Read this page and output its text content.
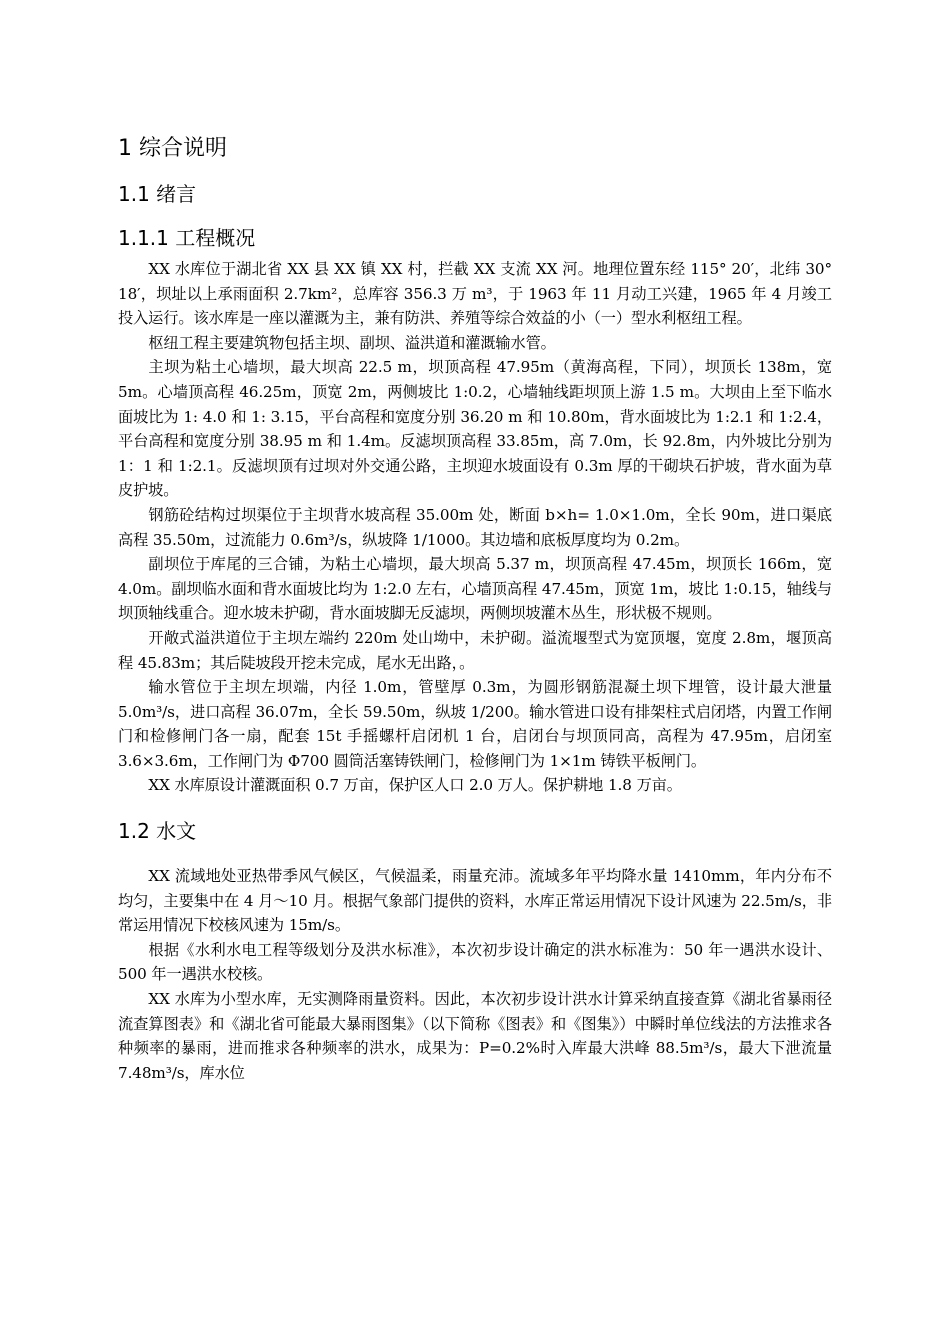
1 综合说明
1.1 绪言
1.1.1 工程概况

XX 水库位于湖北省 XX 县 XX 镇 XX 村，拦截 XX 支流 XX 河。地理位置东经 115° 20′，北纬 30° 18′，坝址以上承雨面积 2.7km²，总库容 356.3 万 m³，于 1963 年 11 月动工兴建，1965 年 4 月竣工投入运行。该水库是一座以灌溉为主，兼有防洪、养殖等综合效益的小（一）型水利枢纽工程。

枢纽工程主要建筑物包括主坝、副坝、溢洪道和灌溉输水管。

主坝为粘土心墙坝，最大坝高 22.5 m，坝顶高程 47.95m（黄海高程，下同），坝顶长 138m，宽 5m。心墙顶高程 46.25m，顶宽 2m，两侧坡比 1:0.2，心墙轴线距坝顶上游 1.5 m。大坝由上至下临水面坡比为 1: 4.0 和 1: 3.15，平台高程和宽度分别 36.20 m 和 10.80m，背水面坡比为 1:2.1 和 1:2.4，平台高程和宽度分别 38.95 m 和 1.4m。反滤坝顶高程 33.85m，高 7.0m，长 92.8m，内外坡比分别为 1：1 和 1:2.1。反滤坝顶有过坝对外交通公路，主坝迎水坡面设有 0.3m 厚的干砌块石护坡，背水面为草皮护坡。

钢筋砼结构过坝渠位于主坝背水坡高程 35.00m 处，断面 b×h= 1.0×1.0m，全长 90m，进口渠底高程 35.50m，过流能力 0.6m³/s，纵坡降 1/1000。其边墙和底板厚度均为 0.2m。

副坝位于库尾的三合铺，为粘土心墙坝，最大坝高 5.37 m，坝顶高程 47.45m，坝顶长 166m，宽 4.0m。副坝临水面和背水面坡比均为 1:2.0 左右，心墙顶高程 47.45m，顶宽 1m，坡比 1:0.15，轴线与坝顶轴线重合。迎水坡未护砌，背水面坡脚无反滤坝，两侧坝坡灌木丛生，形状极不规则。

开敞式溢洪道位于主坝左端约 220m 处山坳中，未护砌。溢流堰型式为宽顶堰，宽度 2.8m，堰顶高程 45.83m；其后陡坡段开挖未完成，尾水无出路，。

输水管位于主坝左坝端，内径 1.0m，管壁厚 0.3m，为圆形钢筋混凝土坝下埋管，设计最大泄量 5.0m³/s，进口高程 36.07m，全长 59.50m，纵坡 1/200。输水管进口设有排架柱式启闭塔，内置工作闸门和检修闸门各一扇，配套 15t 手摇螺杆启闭机 1 台，启闭台与坝顶同高，高程为 47.95m，启闭室 3.6×3.6m，工作闸门为 Φ700 圆筒活塞铸铁闸门，检修闸门为 1×1m 铸铁平板闸门。

XX 水库原设计灌溉面积 0.7 万亩，保护区人口 2.0 万人。保护耕地 1.8 万亩。

1.2 水文

XX 流域地处亚热带季风气候区，气候温柔，雨量充沛。流域多年平均降水量 1410mm，年内分布不均匀，主要集中在 4 月～10 月。根据气象部门提供的资料，水库正常运用情况下设计风速为 22.5m/s，非常运用情况下校核风速为 15m/s。

根据《水利水电工程等级划分及洪水标准》，本次初步设计确定的洪水标准为：50 年一遇洪水设计、500 年一遇洪水校核。

XX 水库为小型水库，无实测降雨量资料。因此，本次初步设计洪水计算采纳直接查算《湖北省暴雨径流查算图表》和《湖北省可能最大暴雨图集》（以下简称《图表》和《图集》）中瞬时单位线法的方法推求各种频率的暴雨，进而推求各种频率的洪水，成果为：P=0.2%时入库最大洪峰 88.5m³/s，最大下泄流量 7.48m³/s，库水位
